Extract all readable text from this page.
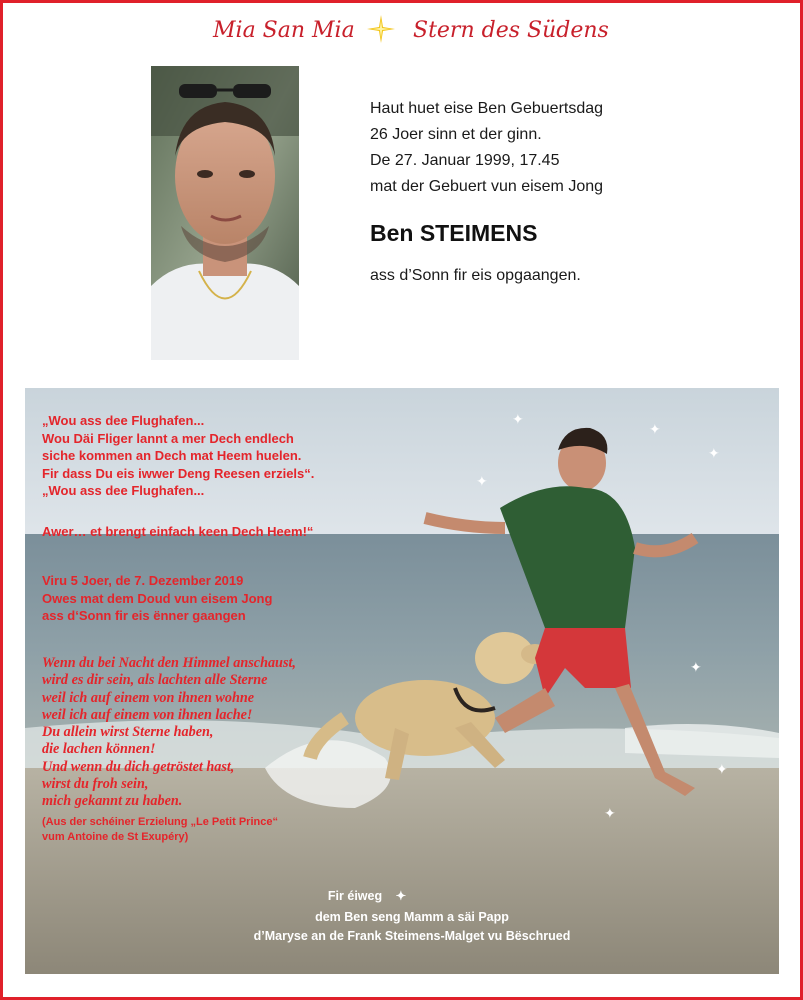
Mia San Mia	Stern des Südens
Haut huet eise Ben Gebuertsdag
26 Joer sinn et der ginn.
De 27. Januar 1999, 17.45
mat der Gebuert vun eisem Jong
Ben STEIMENS
ass d’Sonn fir eis opgaangen.
„Wou ass dee Flughafen...
Wou Däi Fliger lannt a mer Dech endlech
siche kommen an Dech mat Heem huelen.
Fir dass Du eis iwwer Deng Reesen erziels“.
„Wou ass dee Flughafen...
Awer… et brengt einfach keen Dech Heem!“
Viru 5 Joer, de 7. Dezember 2019
Owes mat dem Doud vun eisem Jong
ass d‘Sonn fir eis ënner gaangen
Wenn du bei Nacht den Himmel anschaust,
wird es dir sein, als lachten alle Sterne
weil ich auf einem von ihnen wohne
weil ich auf einem von ihnen lache!
Du allein wirst Sterne haben,
die lachen können!
Und wenn du dich getröstet hast,
wirst du froh sein,
mich gekannt zu haben.
(Aus der schéiner Erzielung „Le Petit Prince“
vum Antoine de St Exupéry)
Fir éiweg ✦
dem Ben seng Mamm a säi Papp
d’Maryse an de Frank Steimens-Malget vu Bëschrued
✦
✦
✦
✦
✦
✦
✦
